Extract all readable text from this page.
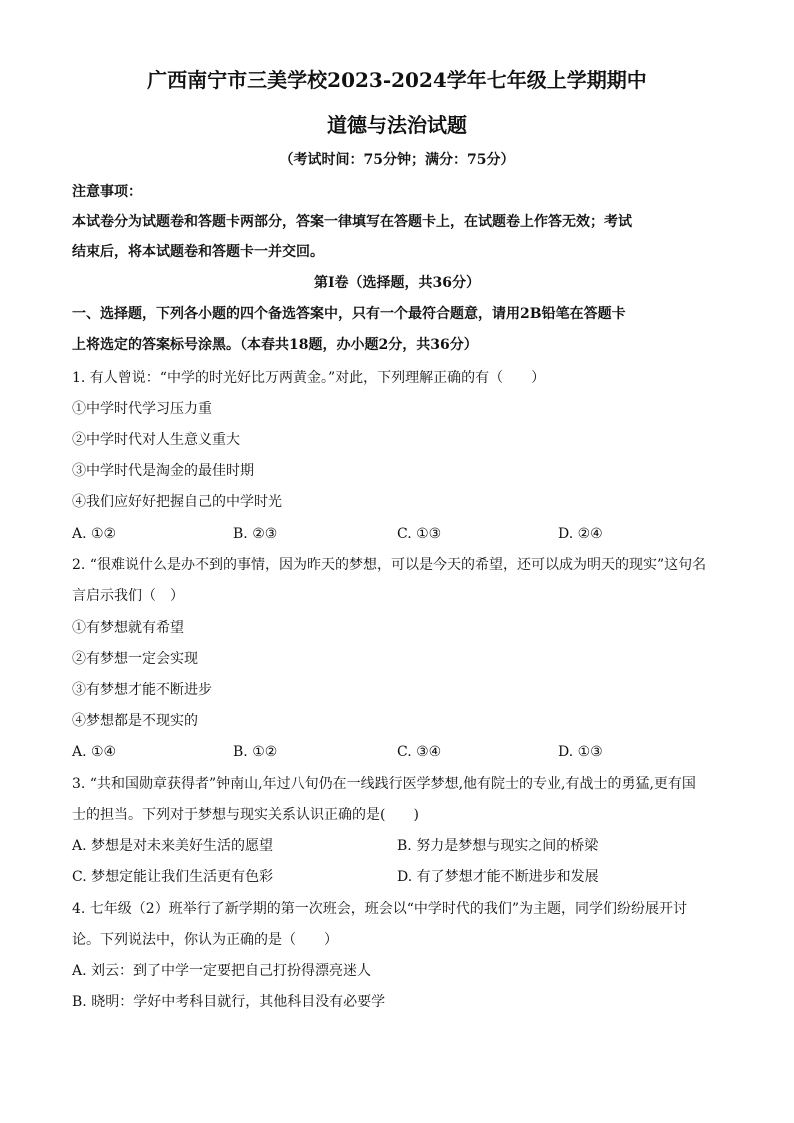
广西南宁市三美学校2023-2024学年七年级上学期期中
道德与法治试题
（考试时间：75分钟；满分：75分）
注意事项：
本试卷分为试题卷和答题卡两部分，答案一律填写在答题卡上，在试题卷上作答无效；考试
结束后，将本试题卷和答题卡一并交回。
第Ⅰ卷（选择题，共36分）
一、选择题，下列各小题的四个备选答案中，只有一个最符合题意，请用2B铅笔在答题卡
上将选定的答案标号涂黑。（本春共18题，办小题2分，共36分）
1. 有人曾说：“中学的时光好比万两黄金。”对此，下列理解正确的有（　　）
①中学时代学习压力重
②中学时代对人生意义重大
③中学时代是淘金的最佳时期
④我们应好好把握自己的中学时光
A. ①②	B. ②③	C. ①③	D. ②④
2. “很难说什么是办不到的事情，因为昨天的梦想，可以是今天的希望，还可以成为明天的现实”这句名
言启示我们（　）
①有梦想就有希望
②有梦想一定会实现
③有梦想才能不断进步
④梦想都是不现实的
A. ①④	B. ①②	C. ③④	D. ①③
3. “共和国勋章获得者”钟南山,年过八旬仍在一线践行医学梦想,他有院士的专业,有战士的勇猛,更有国
士的担当。下列对于梦想与现实关系认识正确的是(　　)
A. 梦想是对未来美好生活的愿望	B. 努力是梦想与现实之间的桥梁
C. 梦想定能让我们生活更有色彩	D. 有了梦想才能不断进步和发展
4. 七年级（2）班举行了新学期的第一次班会，班会以“中学时代的我们”为主题，同学们纷纷展开讨
论。下列说法中，你认为正确的是（　　）
A. 刘云：到了中学一定要把自己打扮得漂亮迷人
B. 晓明：学好中考科目就行，其他科目没有必要学
